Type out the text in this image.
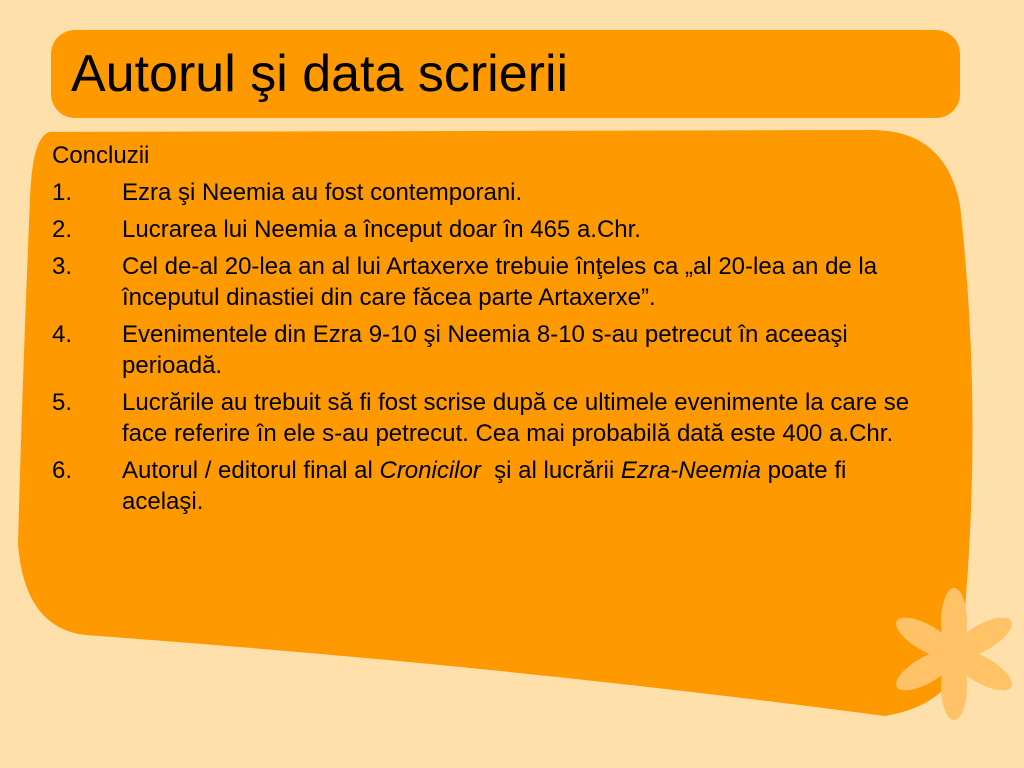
Autorul şi data scrierii
Concluzii
1.	Ezra şi Neemia au fost contemporani.
2.	Lucrarea lui Neemia a început doar în 465 a.Chr.
3.	Cel de-al 20-lea an al lui Artaxerxe trebuie înţeles ca „al 20-lea an de la începutul dinastiei din care făcea parte Artaxerxe”.
4.	Evenimentele din Ezra 9-10 şi Neemia 8-10 s-au petrecut în aceeaşi perioadă.
5.	Lucrările au trebuit să fi fost scrise după ce ultimele evenimente la care se face referire în ele s-au petrecut. Cea mai probabilă dată este 400 a.Chr.
6.	Autorul / editorul final al Cronicilor  şi al lucrării Ezra-Neemia poate fi acelaşi.
